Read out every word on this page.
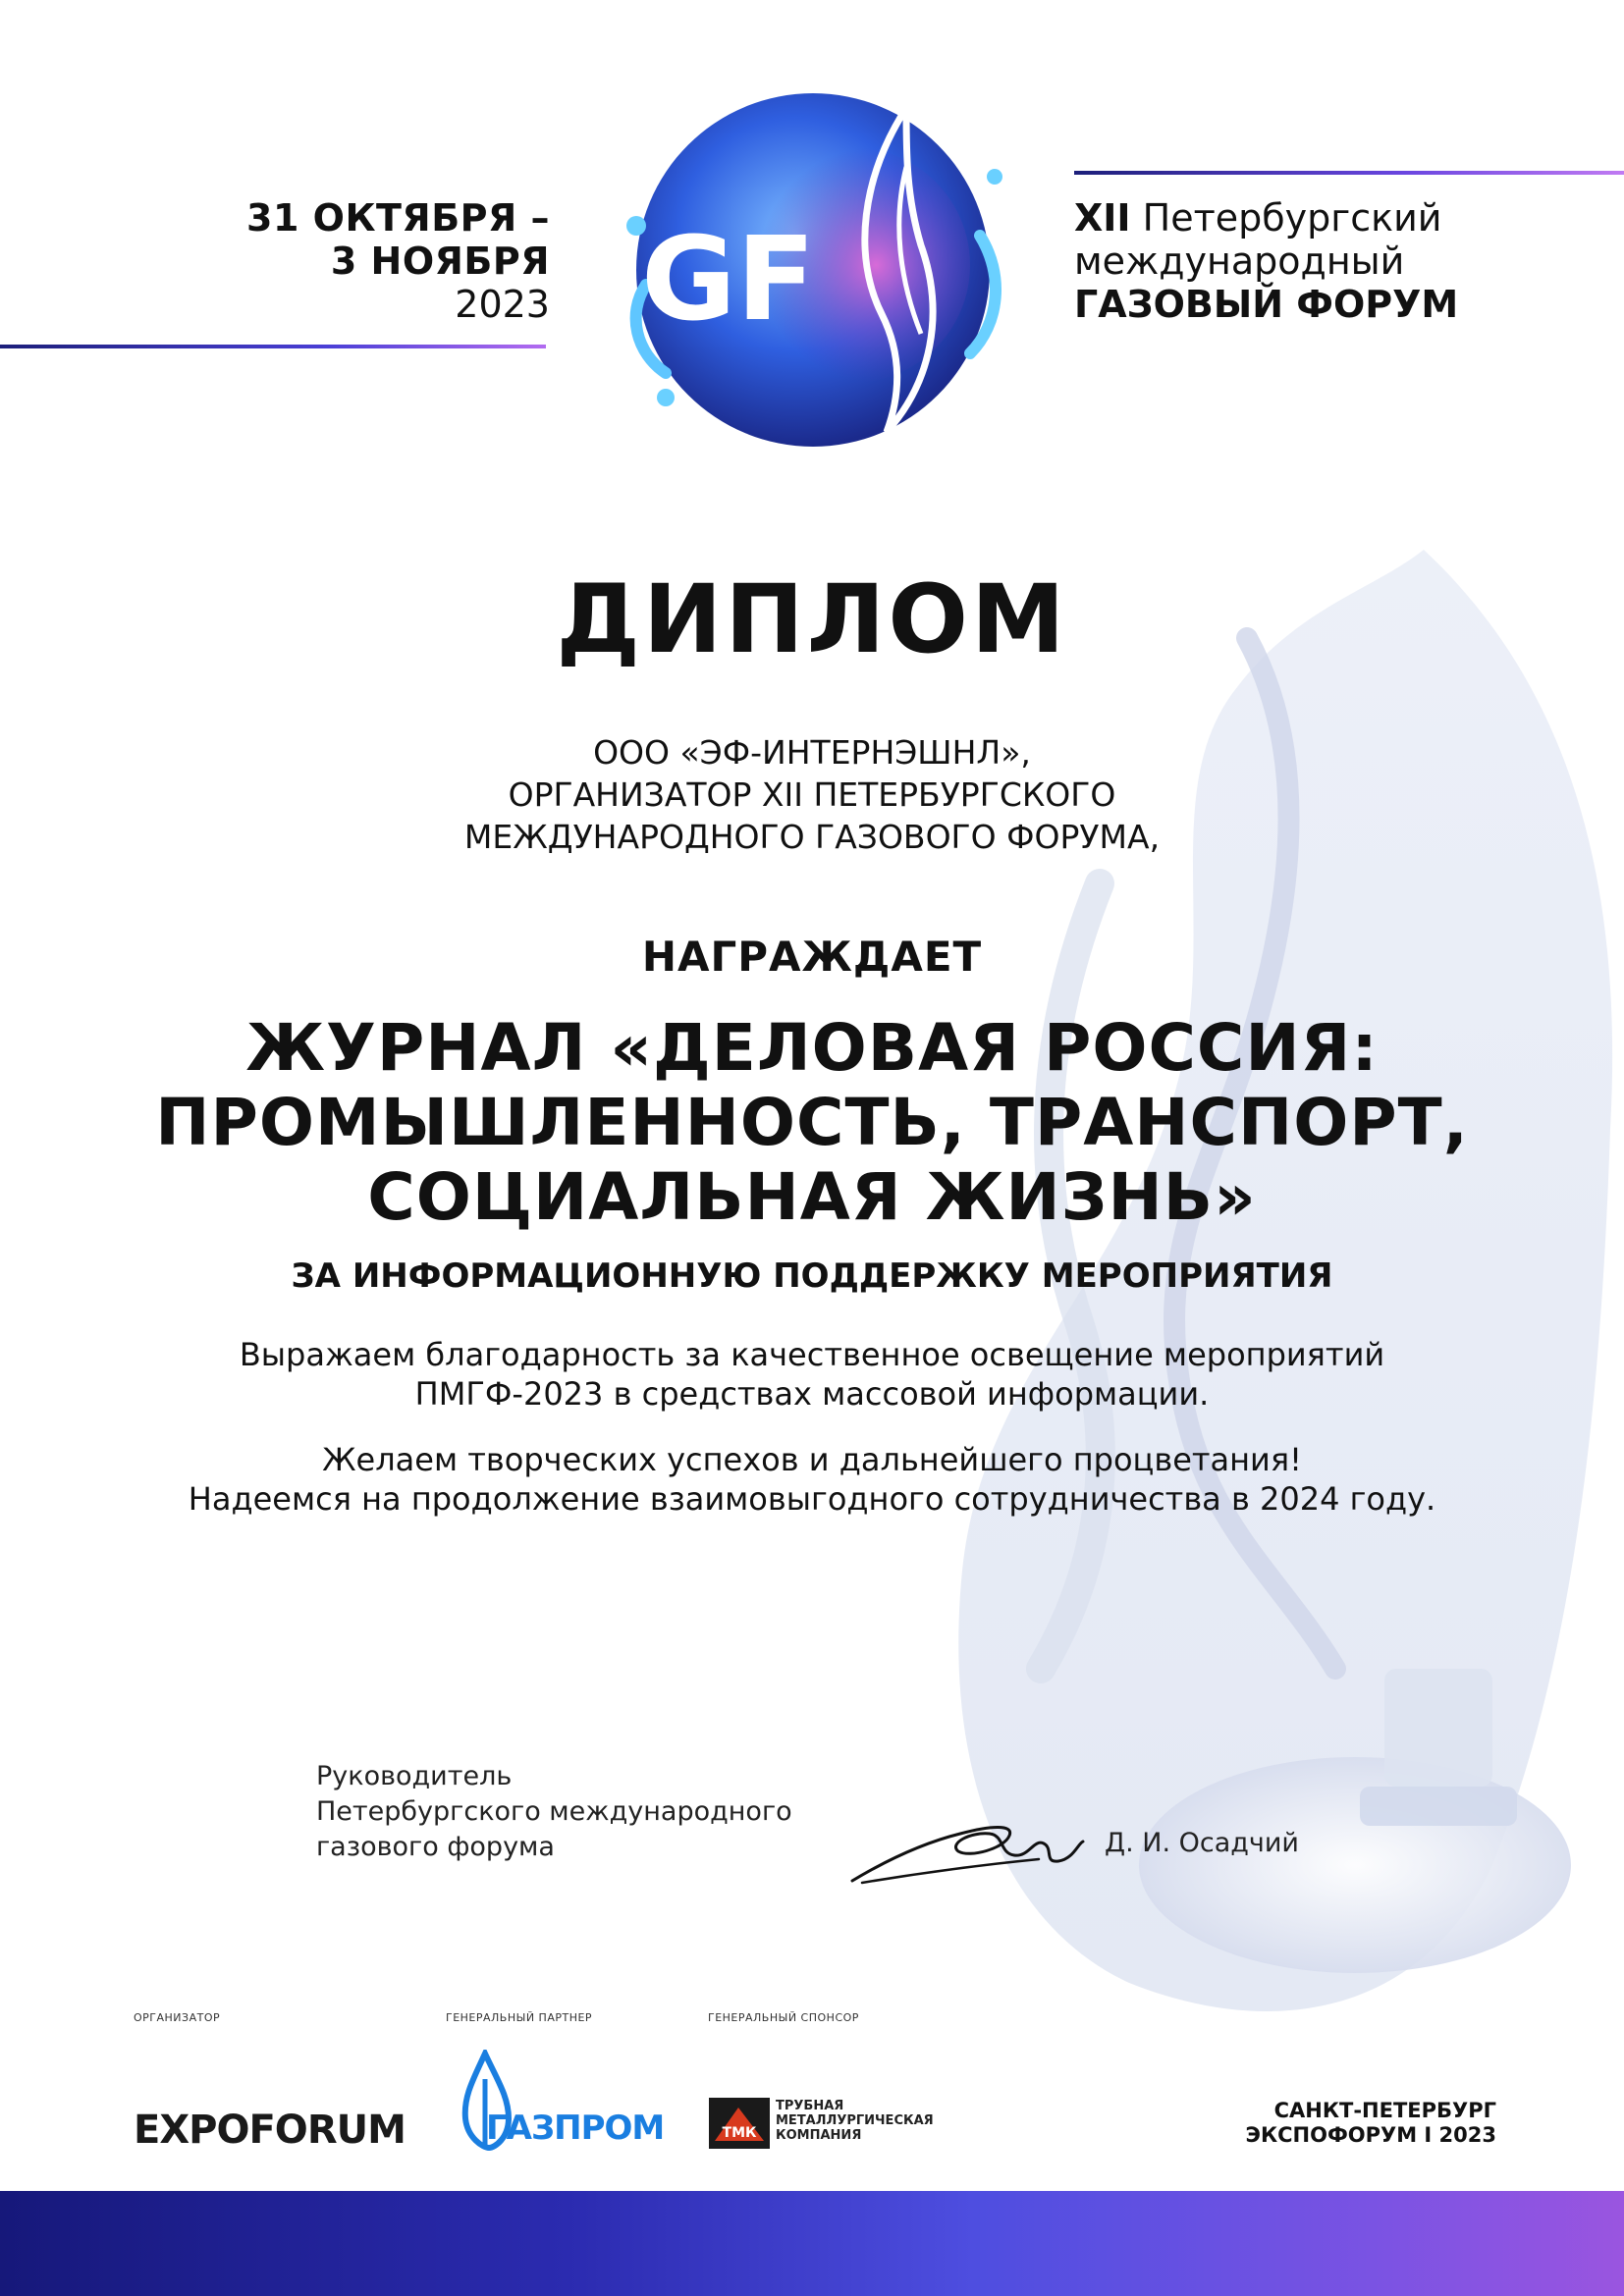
31 ОКТЯБРЯ –
3 НОЯБРЯ
2023 GF	XII Петербургский
международный
ГАЗОВЫЙ ФОРУМ
ДИПЛОМ
ООО «ЭФ-ИНТЕРНЭШНЛ»,
ОРГАНИЗАТОР XII ПЕТЕРБУРГСКОГО
МЕЖДУНАРОДНОГО ГАЗОВОГО ФОРУМА,
НАГРАЖДАЕТ
ЖУРНАЛ «ДЕЛОВАЯ РОССИЯ:
ПРОМЫШЛЕННОСТЬ, ТРАНСПОРТ,
СОЦИАЛЬНАЯ ЖИЗНЬ»
ЗА ИНФОРМАЦИОННУЮ ПОДДЕРЖКУ МЕРОПРИЯТИЯ
Выражаем благодарность за качественное освещение мероприятий
ПМГФ-2023 в средствах массовой информации.
Желаем творческих успехов и дальнейшего процветания!
Надеемся на продолжение взаимовыгодного сотрудничества в 2024 году.
Руководитель
Петербургского международного
газового форума	Д. И. Осадчий
ОРГАНИЗАТОР	ГЕНЕРАЛЬНЫЙ ПАРТНЕР	ГЕНЕРАЛЬНЫЙ СПОНСОР
EXPOFORUM ГАЗПРОМ	ТМК
ТРУБНАЯ
МЕТАЛЛУРГИЧЕСКАЯ
КОМПАНИЯ
САНКТ-ПЕТЕРБУРГ
ЭКСПОФОРУМ І 2023
